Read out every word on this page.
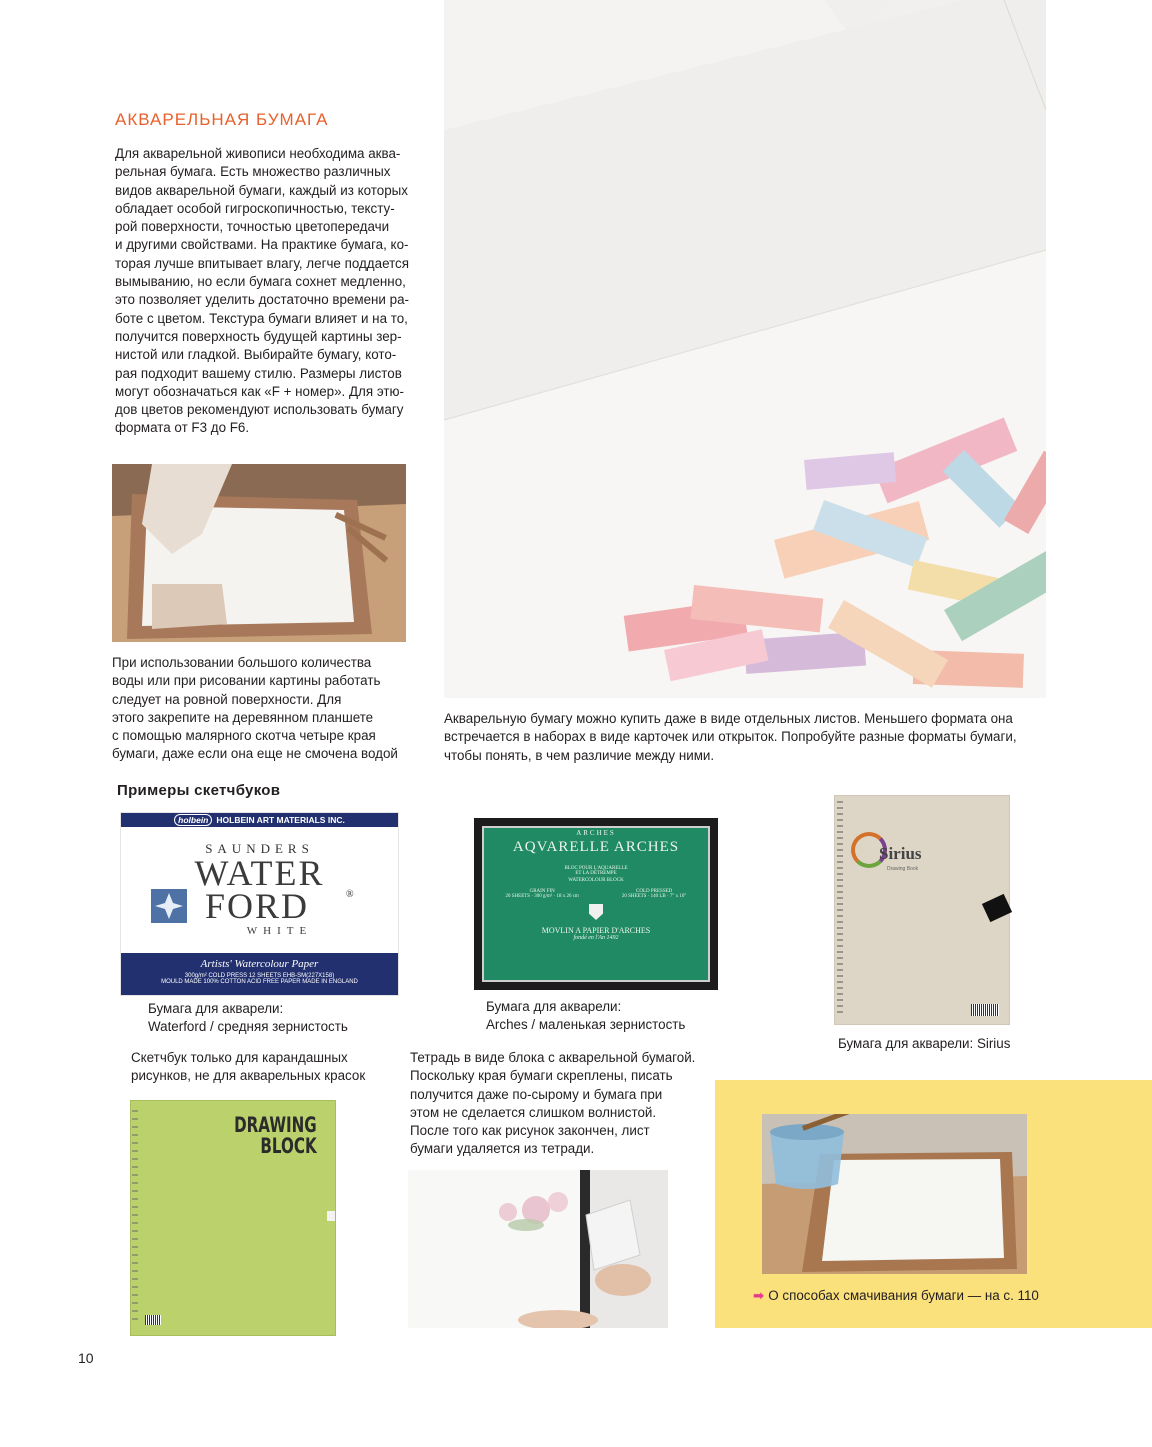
АКВАРЕЛЬНАЯ БУМАГА
Для акварельной живописи необходима аква-
рельная бумага. Есть множество различных
видов акварельной бумаги, каждый из которых
обладает особой гигроскопичностью, тексту-
рой поверхности, точностью цветопередачи
и другими свойствами. На практике бумага, ко-
торая лучше впитывает влагу, легче поддается
вымыванию, но если бумага сохнет медленно,
это позволяет уделить достаточно времени ра-
боте с цветом. Текстура бумаги влияет и на то,
получится поверхность будущей картины зер-
нистой или гладкой. Выбирайте бумагу, кото-
рая подходит вашему стилю. Размеры листов
могут обозначаться как «F + номер». Для этю-
дов цветов рекомендуют использовать бумагу
формата от F3 до F6.
Акварельную бумагу можно купить даже в виде отдельных листов. Меньшего формата она
встречается в наборах в виде карточек или открыток. Попробуйте разные форматы бумаги,
чтобы понять, в чем различие между ними.
При использовании большого количества
воды или при рисовании картины работать
следует на ровной поверхности. Для
этого закрепите на деревянном планшете
с помощью малярного скотча четыре края
бумаги, даже если она еще не смочена водой
Примеры скетчбуков
holbein HOLBEIN ART MATERIALS INC.
SAUNDERS
WATER
FORD	®
WHITE
Artists' Watercolour Paper
300g/m² COLD PRESS 12 SHEETS EHB-SM(227X158)
MOULD MADE 100% COTTON ACID FREE PAPER MADE IN ENGLAND
Бумага для акварели:
Waterford / средняя зернистость
ARCHES
AQVARELLE ARCHES
BLOC POUR L'AQUARELLE
ET LA DÉTREMPE
WATERCOLOUR BLOCK
GRAIN FIN
20 SHEETS · 300 g/m² · 18 x 26 cm
COLD PRESSED
20 SHEETS · 140 LB · 7" x 10"
MOVLIN A PAPIER D'ARCHES
fondé en l'An 1492
Бумага для акварели:
Arches / маленькая зернистость
Sirius
Drawing Book
Бумага для акварели: Sirius
Скетчбук только для карандашных
рисунков, не для акварельных красок
DRAWING
BLOCK
Тетрадь в виде блока с акварельной бумагой.
Поскольку края бумаги скреплены, писать
получится даже по-сырому и бумага при
этом не сделается слишком волнистой.
После того как рисунок закончен, лист
бумаги удаляется из тетради.
➡ О способах смачивания бумаги — на с. 110
10
